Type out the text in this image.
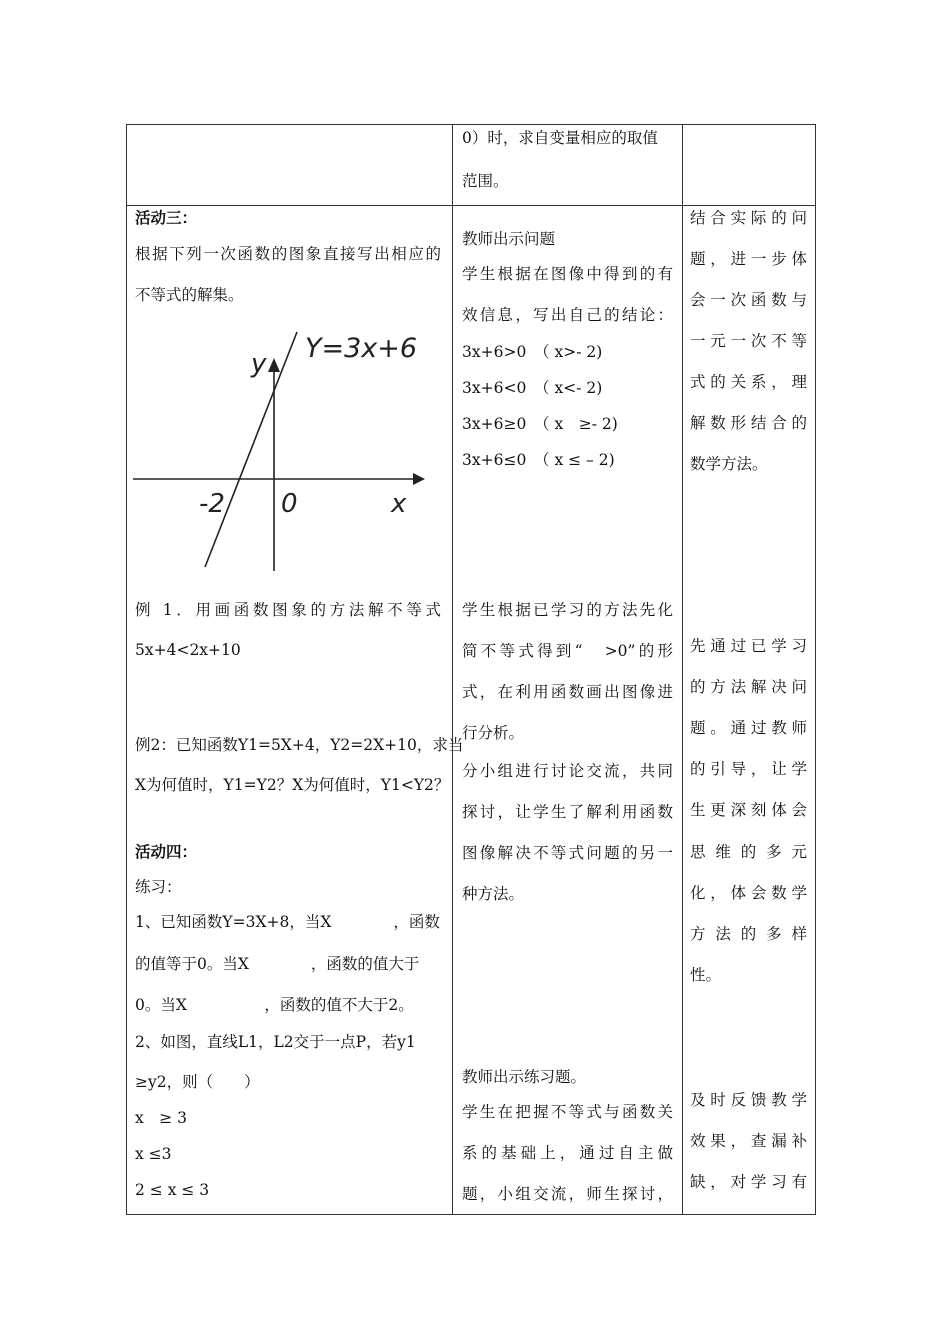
0）时，求自变量相应的取值
范围。
活动三：
根据下列一次函数的图象直接写出相应的
不等式的解集。
Y=3x+6
y
x
0
-2
教师出示问题
学生根据在图像中得到的有
效信息，写出自己的结论：
3x+6>0　（ x>- 2)
3x+6<0　（ x<- 2)
3x+6≥0　（ x　≥- 2)
3x+6≤0　（ x ≤ – 2)
结合实际的问
题，进一步体
会一次函数与
一元一次不等
式的关系，理
解数形结合的
数学方法。
例 1．用画函数图象的方法解不等式
5x+4<2x+10
例2：已知函数Y1=5X+4，Y2=2X+10，求当
X为何值时，Y1=Y2？X为何值时，Y1<Y2？
学生根据已学习的方法先化
简不等式得到“　>0”的形
式，在利用函数画出图像进
行分析。
分小组进行讨论交流，共同
探讨，让学生了解利用函数
图像解决不等式问题的另一
种方法。
先通过已学习
的方法解决问
题。通过教师
的引导，让学
生更深刻体会
思维的多元
化，体会数学
方法的多样
性。
活动四：
练习：
1、已知函数Y=3X+8，当X　　　　，函数
的值等于0。当X　　　　，函数的值大于
0。当X　　　　　，函数的值不大于2。
2、如图，直线L1，L2交于一点P，若y1
≥y2，则（　　）
x　≥ 3
x ≤3
2 ≤ x ≤ 3
教师出示练习题。
学生在把握不等式与函数关
系的基础上，通过自主做
题，小组交流，师生探讨，
及时反馈教学
效果，查漏补
缺，对学习有
